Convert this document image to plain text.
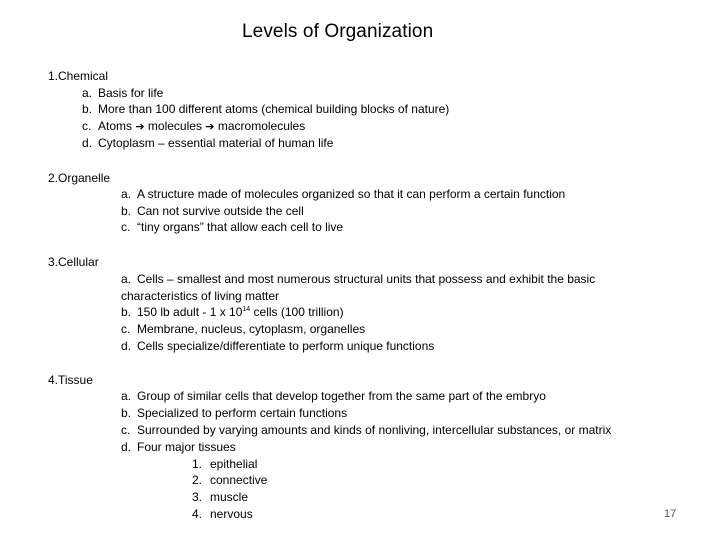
Levels of Organization
1.Chemical
a. Basis for life
b. More than 100 different atoms (chemical building blocks of nature)
c. Atoms ➔ molecules ➔ macromolecules
d. Cytoplasm – essential material of human life
2.Organelle
a. A structure made of molecules organized so that it can perform a certain function
b. Can not survive outside the cell
c. “tiny organs” that allow each cell to live
3.Cellular
a. Cells – smallest and most numerous structural units that possess and exhibit the basic
characteristics of living matter
b. 150 lb adult - 1 x $10^{14}$ cells (100 trillion)
c. Membrane, nucleus, cytoplasm, organelles
d. Cells specialize/differentiate to perform unique functions
4.Tissue
a. Group of similar cells that develop together from the same part of the embryo
b. Specialized to perform certain functions
c. Surrounded by varying amounts and kinds of nonliving, intercellular substances, or matrix
d. Four major tissues
1. epithelial
2. connective
3. muscle
4. nervous	17
